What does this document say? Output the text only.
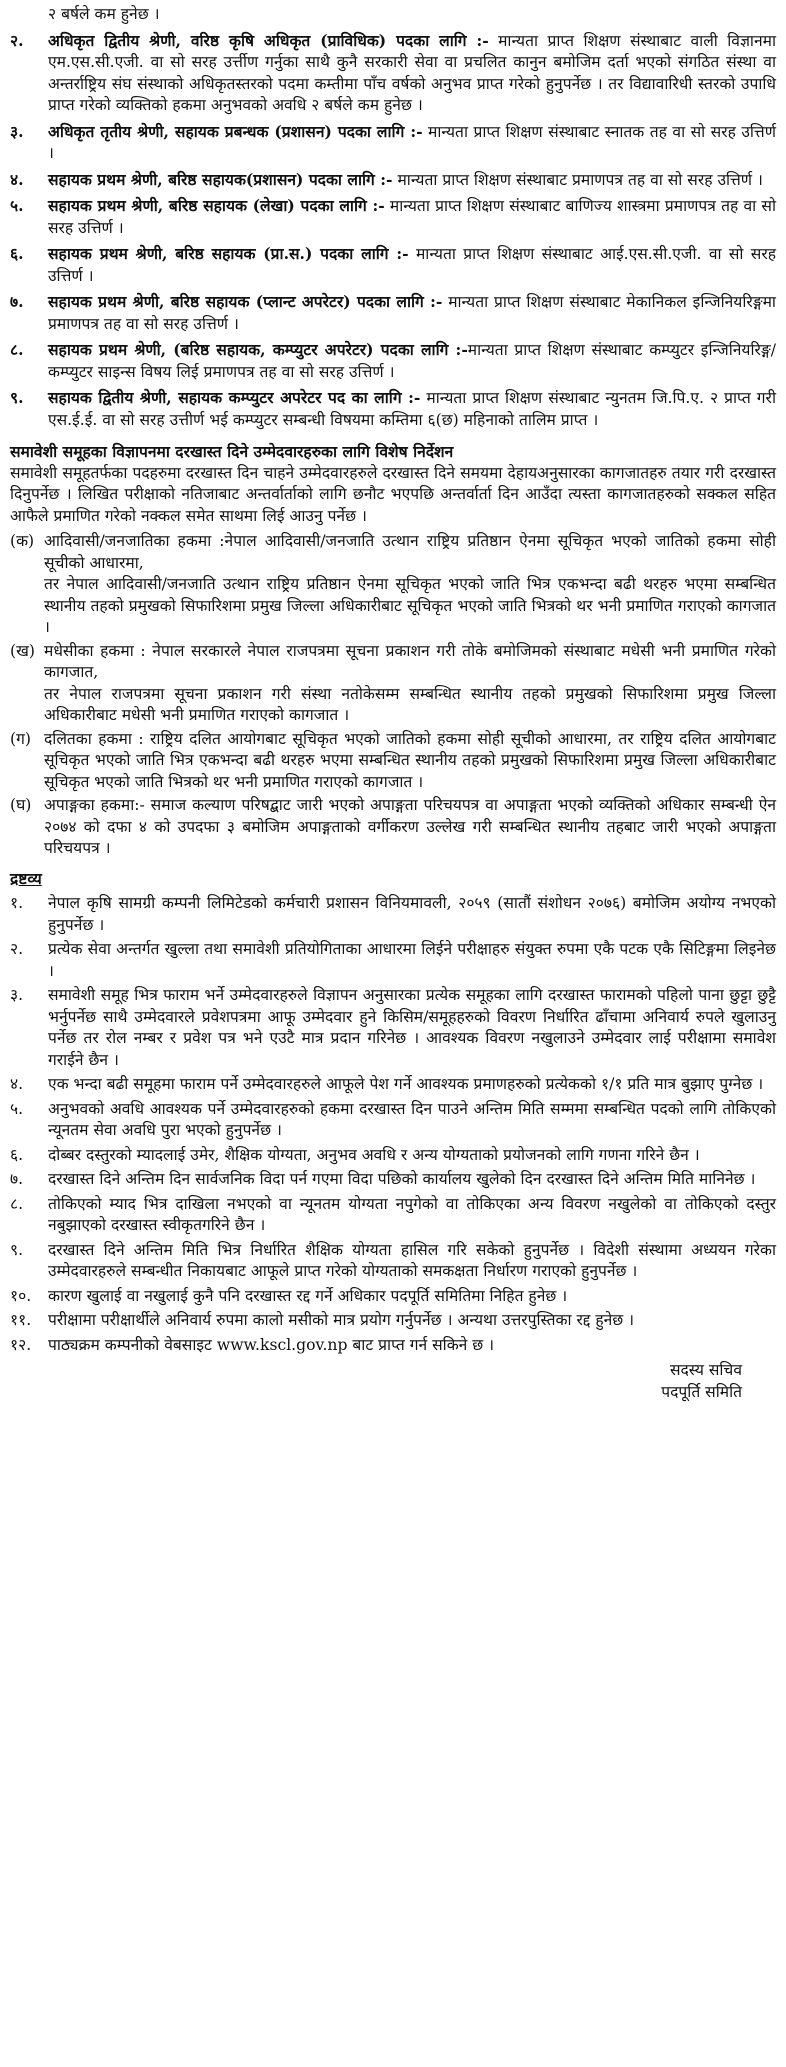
२ बर्षले कम हुनेछ ।
२.	अधिकृत द्वितीय श्रेणी, वरिष्ठ कृषि अधिकृत (प्राविधिक) पदका लागि :- मान्यता प्राप्त शिक्षण संस्थाबाट वाली विज्ञानमा एम.एस.सी.एजी. वा सो सरह उर्त्तीण गर्नुका साथै कुनै सरकारी सेवा वा प्रचलित कानुन बमोजिम दर्ता भएको संगठित संस्था वा अन्तर्राष्ट्रिय संघ संस्थाको अधिकृतस्तरको पदमा कम्तीमा पाँच वर्षको अनुभव प्राप्त गरेको हुनुपर्नेछ । तर विद्यावारिधी स्तरको उपाधि प्राप्त गरेको व्यक्तिको हकमा अनुभवको अवधि २ बर्षले कम हुनेछ ।
३.	अधिकृत तृतीय श्रेणी, सहायक प्रबन्धक (प्रशासन) पदका लागि :- मान्यता प्राप्त शिक्षण संस्थाबाट स्नातक तह वा सो सरह उत्तिर्ण ।
४.	सहायक प्रथम श्रेणी, बरिष्ठ सहायक(प्रशासन) पदका लागि :- मान्यता प्राप्त शिक्षण संस्थाबाट प्रमाणपत्र तह वा सो सरह उत्तिर्ण ।
५.	सहायक प्रथम श्रेणी, बरिष्ठ सहायक (लेखा) पदका लागि :- मान्यता प्राप्त शिक्षण संस्थाबाट बाणिज्य शास्त्रमा प्रमाणपत्र तह वा सो सरह उत्तिर्ण ।
६.	सहायक प्रथम श्रेणी, बरिष्ठ सहायक (प्रा.स.) पदका लागि :- मान्यता प्राप्त शिक्षण संस्थाबाट आई.एस.सी.एजी. वा सो सरह उत्तिर्ण ।
७.	सहायक प्रथम श्रेणी, बरिष्ठ सहायक (प्लान्ट अपरेटर) पदका लागि :- मान्यता प्राप्त शिक्षण संस्थाबाट मेकानिकल इन्जिनियरिङ्गमा प्रमाणपत्र तह वा सो सरह उत्तिर्ण ।
८.	सहायक प्रथम श्रेणी, (बरिष्ठ सहायक, कम्प्युटर अपरेटर) पदका लागि :-मान्यता प्राप्त शिक्षण संस्थाबाट कम्प्युटर इन्जिनियरिङ्ग/कम्प्युटर साइन्स विषय लिई प्रमाणपत्र तह वा सो सरह उत्तिर्ण ।
९.	सहायक द्वितीय श्रेणी, सहायक कम्प्युटर अपरेटर पद का लागि :- मान्यता प्राप्त शिक्षण संस्थाबाट न्युनतम जि.पि.ए. २ प्राप्त गरी एस.ई.ई. वा सो सरह उत्तीर्ण भई कम्प्युटर सम्बन्धी विषयमा कम्तिमा ६(छ) महिनाको तालिम प्राप्त ।
समावेशी समूहका विज्ञापनमा दरखास्त दिने उम्मेदवारहरुका लागि विशेष निर्देशन
समावेशी समूहतर्फका पदहरुमा दरखास्त दिन चाहने उम्मेदवारहरुले दरखास्त दिने समयमा देहायअनुसारका कागजातहरु तयार गरी दरखास्त दिनुपर्नेछ । लिखित परीक्षाको नतिजाबाट अन्तर्वार्ताको लागि छनौट भएपछि अन्तर्वार्ता दिन आउँदा त्यस्ता कागजातहरुको सक्कल सहित आफैले प्रमाणित गरेको नक्कल समेत साथमा लिई आउनु पर्नेछ ।
(क) आदिवासी/जनजातिका हकमा :नेपाल आदिवासी/जनजाति उत्थान राष्ट्रिय प्रतिष्ठान ऐनमा सूचिकृत भएको जातिको हकमा सोही सूचीको आधारमा,

तर नेपाल आदिवासी/जनजाति उत्थान राष्ट्रिय प्रतिष्ठान ऐनमा सूचिकृत भएको जाति भित्र एकभन्दा बढी थरहरु भएमा सम्बन्धित स्थानीय तहको प्रमुखको सिफारिशमा प्रमुख जिल्ला अधिकारीबाट सूचिकृत भएको जाति भित्रको थर भनी प्रमाणित गराएको कागजात ।

(ख) मधेसीका हकमा : नेपाल सरकारले नेपाल राजपत्रमा सूचना प्रकाशन गरी तोके बमोजिमको संस्थाबाट मधेसी भनी प्रमाणित गरेको कागजात,

तर नेपाल राजपत्रमा सूचना प्रकाशन गरी संस्था नतोकेसम्म सम्बन्धित स्थानीय तहको प्रमुखको सिफारिशमा प्रमुख जिल्ला अधिकारीबाट मधेसी भनी प्रमाणित गराएको कागजात ।

(ग) दलितका हकमा : राष्ट्रिय दलित आयोगबाट सूचिकृत भएको जातिको हकमा सोही सूचीको आधारमा, तर राष्ट्रिय दलित आयोगबाट सूचिकृत भएको जाति भित्र एकभन्दा बढी थरहरु भएमा सम्बन्धित स्थानीय तहको प्रमुखको सिफारिशमा प्रमुख जिल्ला अधिकारीबाट सूचिकृत भएको जाति भित्रको थर भनी प्रमाणित गराएको कागजात ।

(घ) अपाङ्गका हकमा:- समाज कल्याण परिषद्बाट जारी भएको अपाङ्गता परिचयपत्र वा अपाङ्गता भएको व्यक्तिको अधिकार सम्बन्धी ऐन २०७४ को दफा ४ को उपदफा ३ बमोजिम अपाङ्गताको वर्गीकरण उल्लेख गरी सम्बन्धित स्थानीय तहबाट जारी भएको अपाङ्गता परिचयपत्र ।

द्रष्टव्य
१.	नेपाल कृषि सामग्री कम्पनी लिमिटेडको कर्मचारी प्रशासन विनियमावली, २०५९ (सातौं संशोधन २०७६) बमोजिम अयोग्य नभएको हुनुपर्नेछ ।
२.	प्रत्येक सेवा अन्तर्गत खुल्ला तथा समावेशी प्रतियोगिताका आधारमा लिईने परीक्षाहरु संयुक्त रुपमा एकै पटक एकै सिटिङ्गमा लिइनेछ ।
३.	समावेशी समूह भित्र फाराम भर्ने उम्मेदवारहरुले विज्ञापन अनुसारका प्रत्येक समूहका लागि दरखास्त फारामको पहिलो पाना छुट्टा छुट्टै भर्नुपर्नेछ साथै उम्मेदवारले प्रवेशपत्रमा आफू उम्मेदवार हुने किसिम/समूहहरुको विवरण निर्धारित ढाँचामा अनिवार्य रुपले खुलाउनु पर्नेछ तर रोल नम्बर र प्रवेश पत्र भने एउटै मात्र प्रदान गरिनेछ । आवश्यक विवरण नखुलाउने उम्मेदवार लाई परीक्षामा समावेश गराईने छैन ।
४.	एक भन्दा बढी समूहमा फाराम पर्ने उम्मेदवारहरुले आफूले पेश गर्ने आवश्यक प्रमाणहरुको प्रत्येकको १/१ प्रति मात्र बुझाए पुग्नेछ ।
५.	अनुभवको अवधि आवश्यक पर्ने उम्मेदवारहरुको हकमा दरखास्त दिन पाउने अन्तिम मिति सम्ममा सम्बन्धित पदको लागि तोकिएको न्यूनतम सेवा अवधि पुरा भएको हुनुपर्नेछ ।
६.	दोब्बर दस्तुरको म्यादलाई उमेर, शैक्षिक योग्यता, अनुभव अवधि र अन्य योग्यताको प्रयोजनको लागि गणना गरिने छैन ।
७.	दरखास्त दिने अन्तिम दिन सार्वजनिक विदा पर्न गएमा विदा पछिको कार्यालय खुलेको दिन दरखास्त दिने अन्तिम मिति मानिनेछ ।
८.	तोकिएको म्याद भित्र दाखिला नभएको वा न्यूनतम योग्यता नपुगेको वा तोकिएका अन्य विवरण नखुलेको वा तोकिएको दस्तुर नबुझाएको दरखास्त स्वीकृतगरिने छैन ।
९.	दरखास्त दिने अन्तिम मिति भित्र निर्धारित शैक्षिक योग्यता हासिल गरि सकेको हुनुपर्नेछ । विदेशी संस्थामा अध्ययन गरेका उम्मेदवारहरुले सम्बन्धीत निकायबाट आफूले प्राप्त गरेको योग्यताको समकक्षता निर्धारण गराएको हुनुपर्नेछ ।
१०.	कारण खुलाई वा नखुलाई कुनै पनि दरखास्त रद्द गर्ने अधिकार पदपूर्ति समितिमा निहित हुनेछ ।
११.	परीक्षामा परीक्षार्थीले अनिवार्य रुपमा कालो मसीको मात्र प्रयोग गर्नुपर्नेछ । अन्यथा उत्तरपुस्तिका रद्द हुनेछ ।
१२.	पाठ्यक्रम कम्पनीको वेबसाइट www.kscl.gov.np बाट प्राप्त गर्न सकिने छ ।
सदस्य सचिव
पदपूर्ति समिति
